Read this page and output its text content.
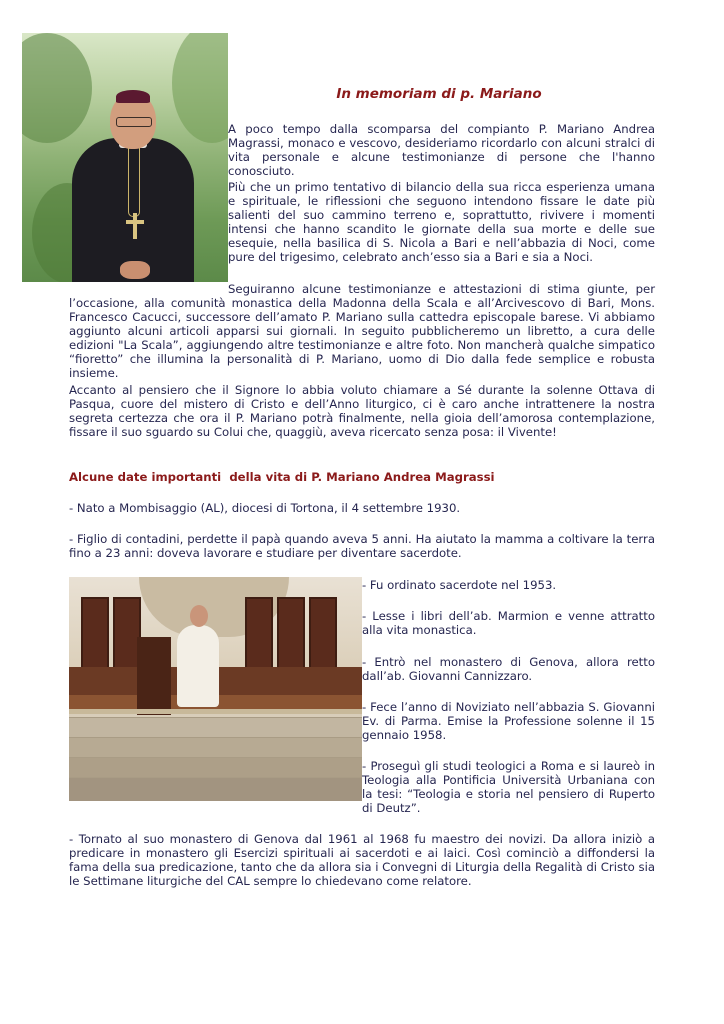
In memoriam di p. Mariano

A poco tempo dalla scomparsa del compianto P. Mariano Andrea Magrassi, monaco e vescovo, desideriamo ricordarlo con alcuni stralci di vita personale e alcune testimonianze di persone che l'hanno conosciuto.

Più che un primo tentativo di bilancio della sua ricca esperienza umana e spirituale, le riflessioni che seguono intendono fissare le date più salienti del suo cammino terreno e, soprattutto, rivivere i momenti intensi che hanno scandito le giornate della sua morte e delle sue esequie, nella basilica di S. Nicola a Bari e nell’abbazia di Noci, come pure del trigesimo, celebrato anch’esso sia a Bari e sia a Noci.

Seguiranno alcune testimonianze e attestazioni di stima giunte, per l’occasione, alla comunità monastica della Madonna della Scala e all’Arcivescovo di Bari, Mons. Francesco Cacucci, successore dell’amato P. Mariano sulla cattedra episcopale barese. Vi abbiamo aggiunto alcuni articoli apparsi sui giornali. In seguito pubblicheremo un libretto, a cura delle edizioni "La Scala”, aggiungendo altre testimonianze e altre foto. Non mancherà qualche simpatico “fioretto” che illumina la personalità di P. Mariano, uomo di Dio dalla fede semplice e robusta insieme.

Accanto al pensiero che il Signore lo abbia voluto chiamare a Sé durante la solenne Ottava di Pasqua, cuore del mistero di Cristo e dell’Anno liturgico, ci è caro anche intrattenere la nostra segreta certezza che ora il P. Mariano potrà finalmente, nella gioia dell’amorosa contemplazione, fissare il suo sguardo su Colui che, quaggiù, aveva ricercato senza posa: il Vivente!

Alcune date importanti  della vita di P. Mariano Andrea Magrassi

- Nato a Mombisaggio (AL), diocesi di Tortona, il 4 settembre 1930.

- Figlio di contadini, perdette il papà quando aveva 5 anni. Ha aiutato la mamma a coltivare la terra fino a 23 anni: doveva lavorare e studiare per diventare sacerdote.

- Fu ordinato sacerdote nel 1953.

- Lesse i libri dell’ab. Marmion e venne attratto alla vita monastica.

- Entrò nel monastero di Genova, allora retto dall’ab. Giovanni Cannizzaro.

- Fece l’anno di Noviziato nell’abbazia S. Giovanni Ev. di Parma. Emise la Professione solenne il 15 gennaio 1958.

- Proseguì gli studi teologici a Roma e si laureò in Teologia alla Pontificia Università Urbaniana con la tesi: “Teologia e storia nel pensiero di Ruperto di Deutz”.

- Tornato al suo monastero di Genova dal 1961 al 1968 fu maestro dei novizi. Da allora iniziò a predicare in monastero gli Esercizi spirituali ai sacerdoti e ai laici. Così cominciò a diffondersi la fama della sua predicazione, tanto che da allora sia i Convegni di Liturgia della Regalità di Cristo sia le Settimane liturgiche del CAL sempre lo chiedevano come relatore.
